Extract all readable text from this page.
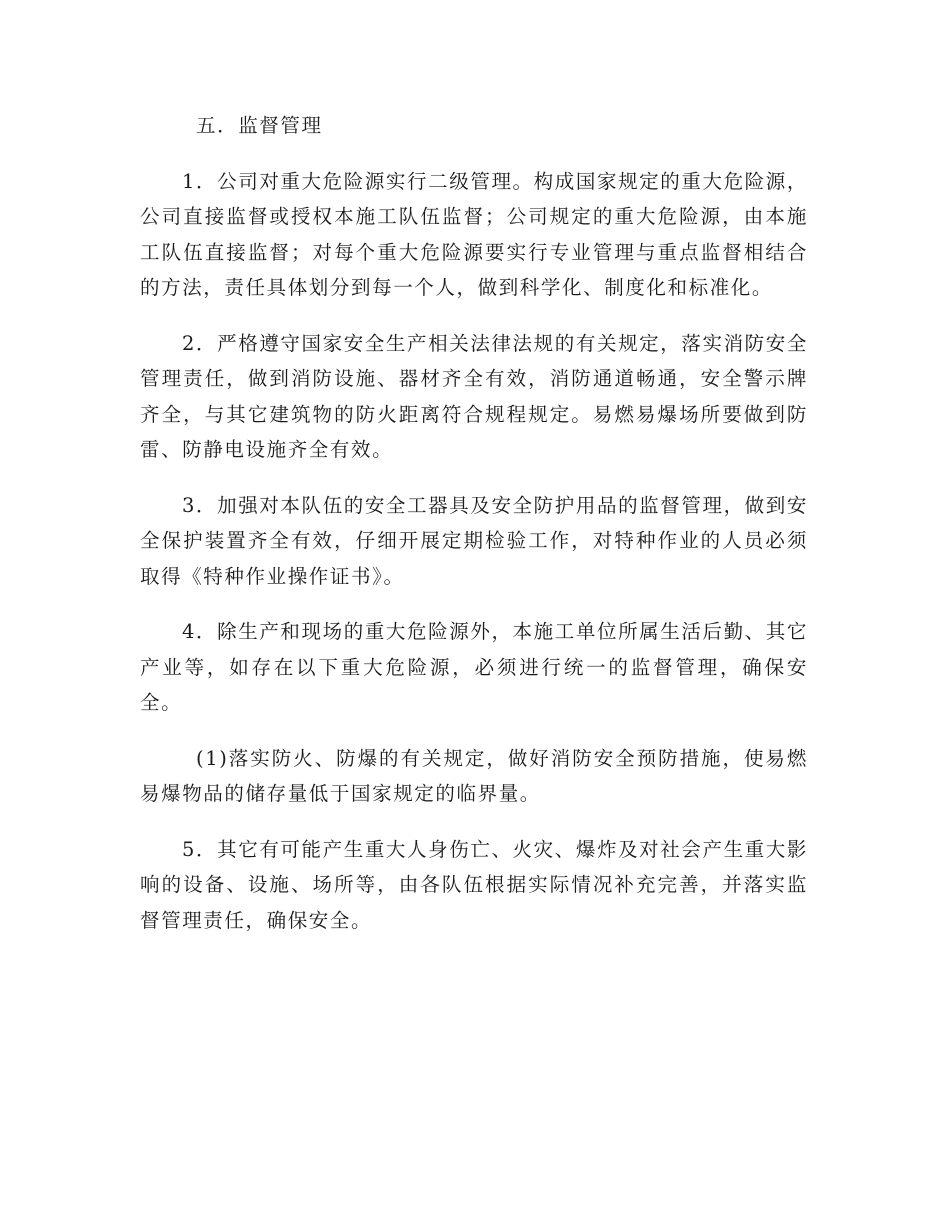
五．监督管理

1．公司对重大危险源实行二级管理。构成国家规定的重大危险源，公司直接监督或授权本施工队伍监督；公司规定的重大危险源，由本施工队伍直接监督；对每个重大危险源要实行专业管理与重点监督相结合的方法，责任具体划分到每一个人，做到科学化、制度化和标准化。

2．严格遵守国家安全生产相关法律法规的有关规定，落实消防安全管理责任，做到消防设施、器材齐全有效，消防通道畅通，安全警示牌齐全，与其它建筑物的防火距离符合规程规定。易燃易爆场所要做到防雷、防静电设施齐全有效。

3．加强对本队伍的安全工器具及安全防护用品的监督管理，做到安全保护装置齐全有效，仔细开展定期检验工作，对特种作业的人员必须取得《特种作业操作证书》。

4．除生产和现场的重大危险源外，本施工单位所属生活后勤、其它产业等，如存在以下重大危险源，必须进行统一的监督管理，确保安全。

(1)落实防火、防爆的有关规定，做好消防安全预防措施，使易燃易爆物品的储存量低于国家规定的临界量。

5．其它有可能产生重大人身伤亡、火灾、爆炸及对社会产生重大影响的设备、设施、场所等，由各队伍根据实际情况补充完善，并落实监督管理责任，确保安全。
